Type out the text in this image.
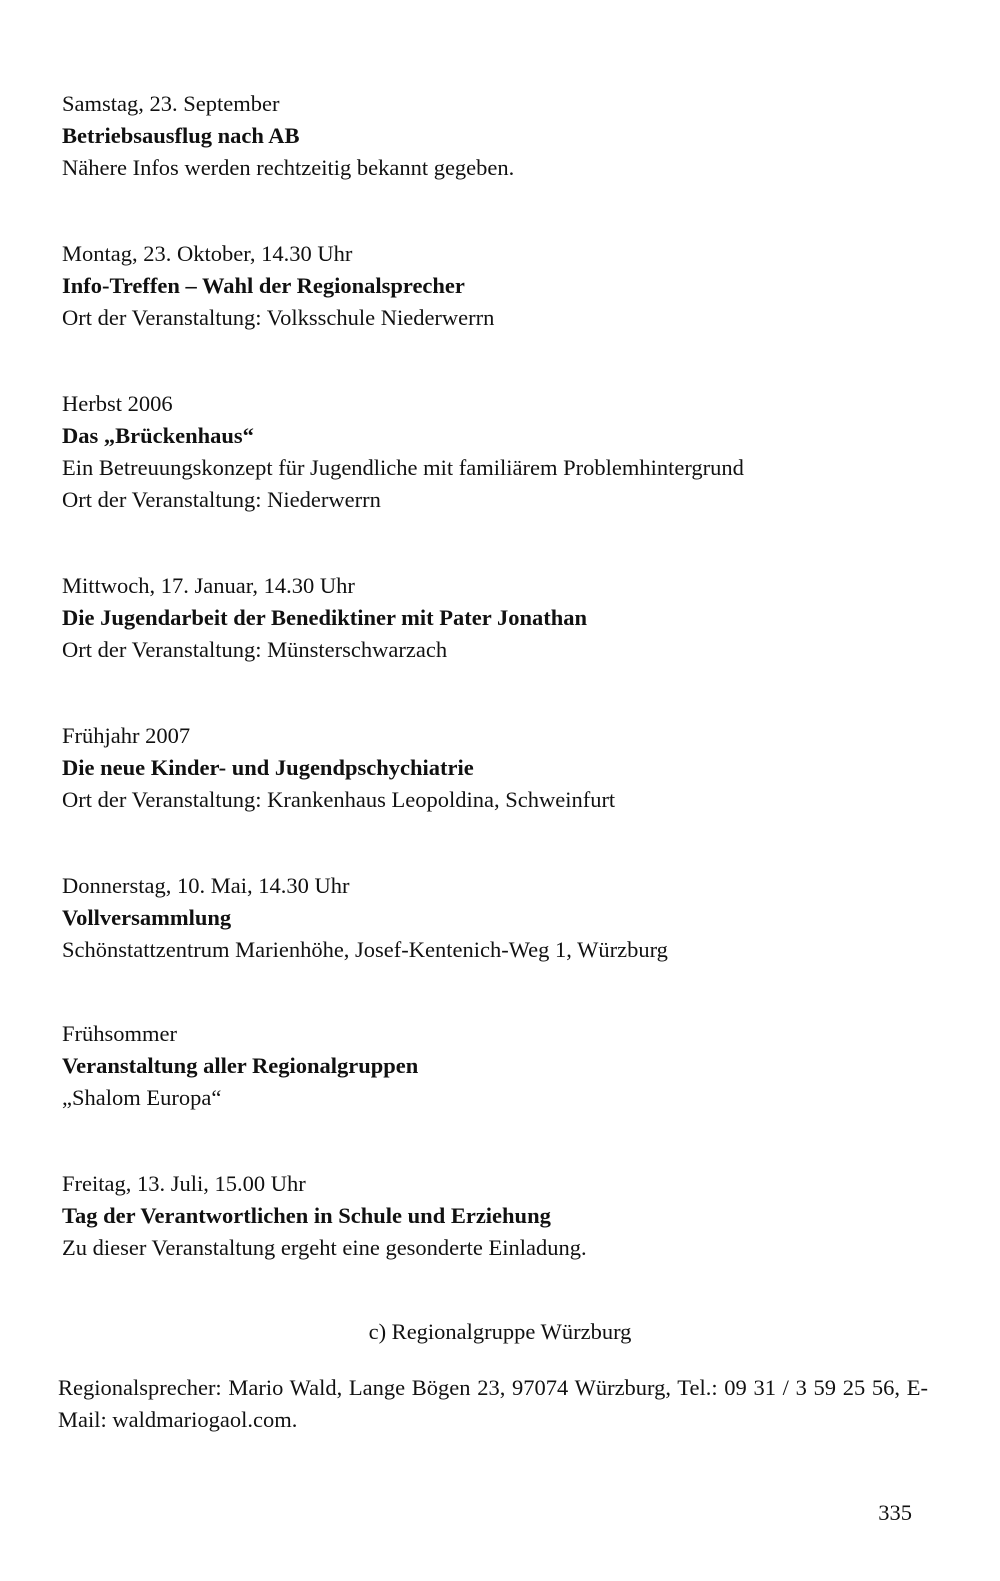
Samstag, 23. September
Betriebsausflug nach AB
Nähere Infos werden rechtzeitig bekannt gegeben.
Montag, 23. Oktober, 14.30 Uhr
Info-Treffen – Wahl der Regionalsprecher
Ort der Veranstaltung: Volksschule Niederwerrn
Herbst 2006
Das „Brückenhaus“
Ein Betreuungskonzept für Jugendliche mit familiärem Problemhintergrund
Ort der Veranstaltung: Niederwerrn
Mittwoch, 17. Januar, 14.30 Uhr
Die Jugendarbeit der Benediktiner mit Pater Jonathan
Ort der Veranstaltung: Münsterschwarzach
Frühjahr 2007
Die neue Kinder- und Jugendpschychiatrie
Ort der Veranstaltung: Krankenhaus Leopoldina, Schweinfurt
Donnerstag, 10. Mai, 14.30 Uhr
Vollversammlung
Schönstattzentrum Marienhöhe, Josef-Kentenich-Weg 1, Würzburg
Frühsommer
Veranstaltung aller Regionalgruppen
„Shalom Europa“
Freitag, 13. Juli, 15.00 Uhr
Tag der Verantwortlichen in Schule und Erziehung
Zu dieser Veranstaltung ergeht eine gesonderte Einladung.
c) Regionalgruppe Würzburg
Regionalsprecher: Mario Wald, Lange Bögen 23, 97074 Würzburg, Tel.: 09 31 / 3 59 25 56, E-Mail: waldmariogaol.com.
335
